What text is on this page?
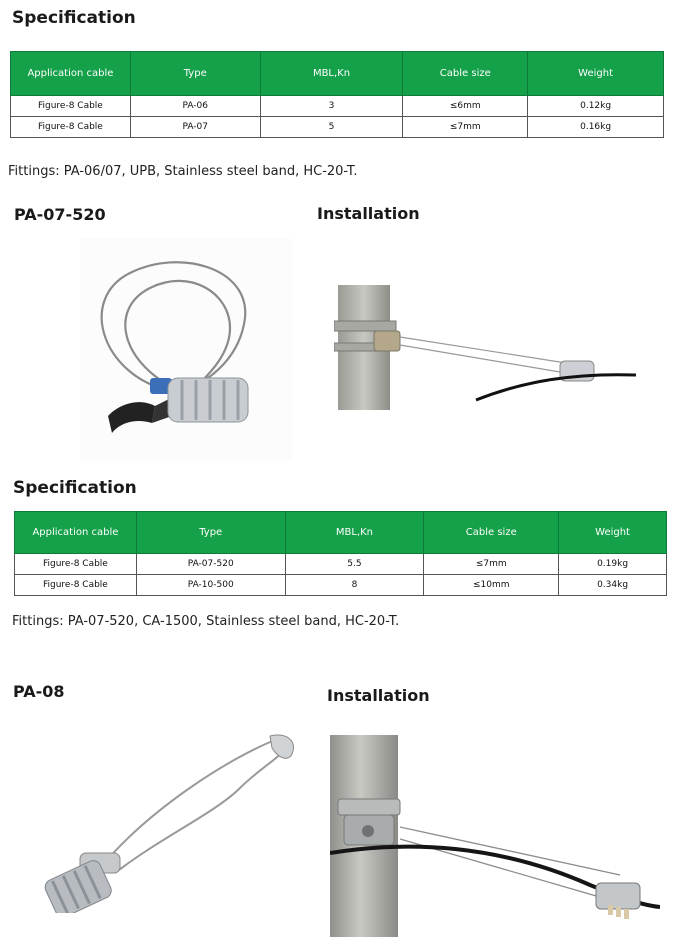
Specification
Application cable	Type	MBL,Kn	Cable size	Weight
Figure-8 Cable	PA-06	3	≤6mm	0.12kg
Figure-8 Cable	PA-07	5	≤7mm	0.16kg
Fittings: PA-06/07, UPB, Stainless steel band, HC-20-T.
PA-07-520	Installation
Specification
Application cable	Type	MBL,Kn	Cable size	Weight
Figure-8 Cable	PA-07-520	5.5	≤7mm	0.19kg
Figure-8 Cable	PA-10-500	8	≤10mm	0.34kg
Fittings: PA-07-520, CA-1500, Stainless steel band, HC-20-T.
PA-08	Installation
